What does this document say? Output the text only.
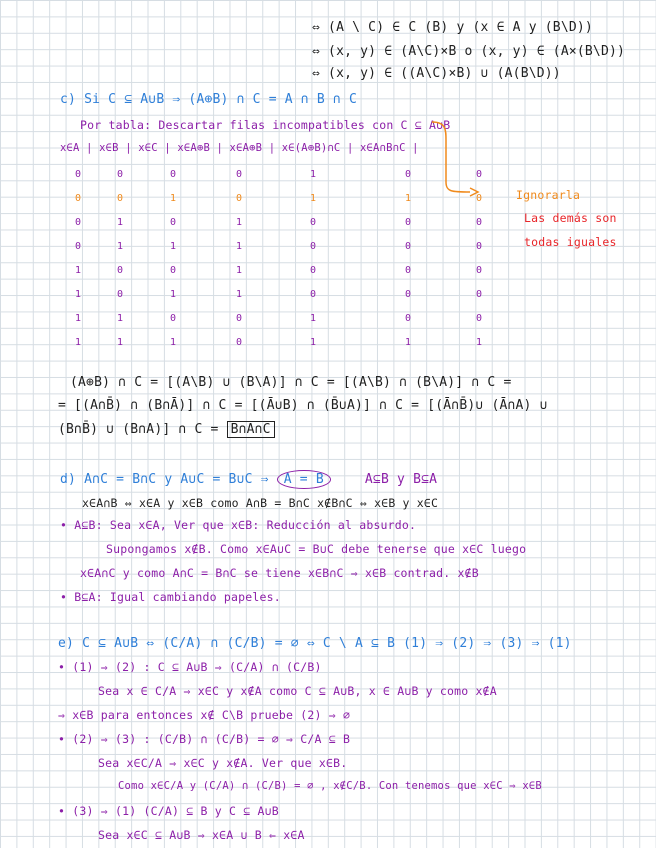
⇔ (A \ C) ∈ C (B) y (x ∈ A y (B\D))
⇔ (x, y) ∈ (A\C)×B o (x, y) ∈ (A×(B\D))
⇔ (x, y) ∈ ((A\C)×B) ∪ (A(B\D))
c) Si C ⊆ A∪B ⇒ (A⊕B) ∩ C = A ∩ B ∩ C
Por tabla: Descartar filas incompatibles con C ⊆ A∪B
x∈A | x∈B | x∈C | x∈A⊕B | x∈A⊕B | x∈(A⊕B)∩C | x∈A∩B∩C |
0	0	0	0	1	0	0
0	0	1	0	1	1	0
0	1	0	1	0	0	0
0	1	1	1	0	0	0
1	0	0	1	0	0	0
1	0	1	1	0	0	0
1	1	0	0	1	0	0
1	1	1	0	1	1	1
Ignorarla
Las demás son
todas iguales
(A⊕B) ∩ C = [(A\B) ∪ (B\A)] ∩ C = [(A\B) ∩ (B\A)] ∩ C =
= [(A∩B̄) ∩ (B∩Ā)] ∩ C = [(Ā∪B) ∩ (B̄∪A)] ∩ C = [(Ā∩B̄)∪ (Ā∩A) ∪
(B∩B̄) ∪ (B∩A)] ∩ C = B∩A∩C
d) A∩C = B∩C y A∪C = B∪C ⇒ A = B	A⊆B y B⊆A
x∈A∩B ⇔ x∈A y x∈B como A∩B = B∩C x∉B∩C ⇔ x∈B y x∈C
• A⊆B: Sea x∈A, Ver que x∈B: Reducción al absurdo.
Supongamos x∉B. Como x∈A∪C = B∪C debe tenerse que x∈C luego
x∈A∩C y como A∩C = B∩C se tiene x∈B∩C ⇒ x∈B contrad. x∉B
• B⊆A: Igual cambiando papeles.
e) C ⊆ A∪B ⇔ (C/A) ∩ (C/B) = ∅ ⇔ C \ A ⊆ B (1) ⇒ (2) ⇒ (3) ⇒ (1)
• (1) ⇒ (2) : C ⊆ A∪B ⇒ (C/A) ∩ (C/B)
Sea x ∈ C/A ⇒ x∈C y x∉A como C ⊆ A∪B, x ∈ A∪B y como x∉A
⇒ x∈B para entonces x∉ C\B pruebe (2) ⇒ ∅
• (2) ⇒ (3) : (C/B) ∩ (C/B) = ∅ ⇒ C/A ⊆ B
Sea x∈C/A ⇒ x∈C y x∉A. Ver que x∈B.
Como x∈C/A y (C/A) ∩ (C/B) = ∅ , x∉C/B. Con tenemos que x∈C ⇒ x∈B
• (3) ⇒ (1) (C/A) ⊆ B y C ⊆ A∪B
Sea x∈C ⊆ A∪B ⇒ x∈A ∪ B ⇐ x∈A
